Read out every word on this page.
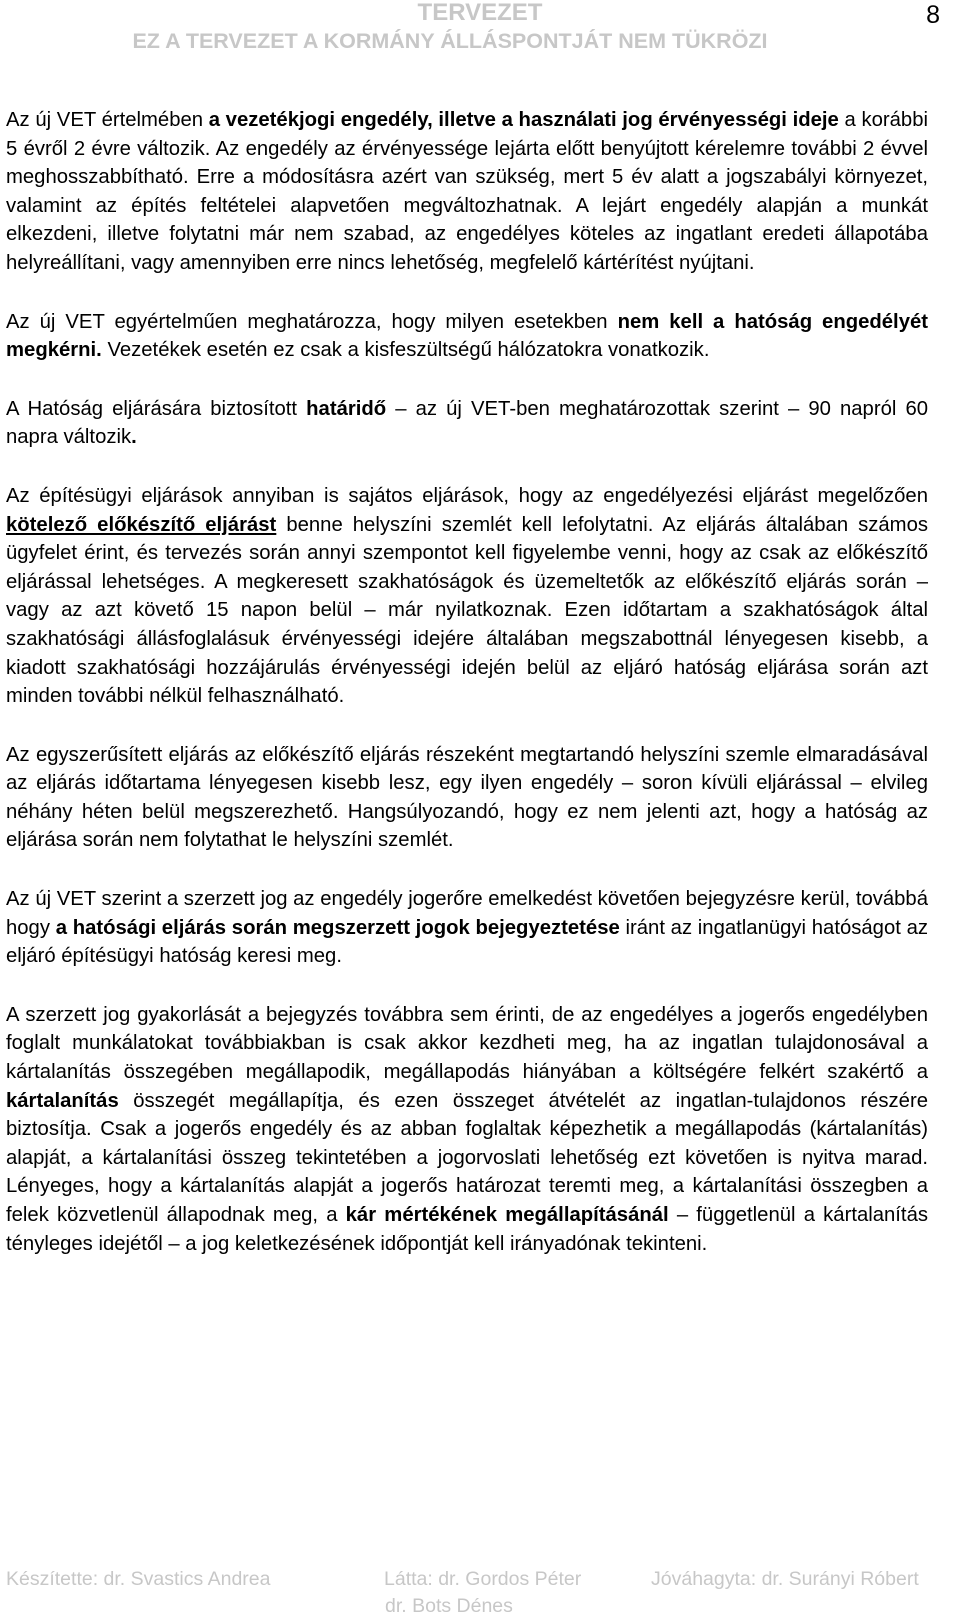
8
TERVEZET
EZ A TERVEZET A KORMÁNY ÁLLÁSPONTJÁT NEM TÜKRÖZI

Az új VET értelmében a vezetékjogi engedély, illetve a használati jog érvényességi ideje a korábbi 5 évről 2 évre változik. Az engedély az érvényessége lejárta előtt benyújtott kérelemre további 2 évvel meghosszabbítható. Erre a módosításra azért van szükség, mert 5 év alatt a jogszabályi környezet, valamint az építés feltételei alapvetően megváltozhatnak. A lejárt engedély alapján a munkát elkezdeni, illetve folytatni már nem szabad, az engedélyes köteles az ingatlant eredeti állapotába helyreállítani, vagy amennyiben erre nincs lehetőség, megfelelő kártérítést nyújtani.

Az új VET egyértelműen meghatározza, hogy milyen esetekben nem kell a hatóság engedélyét megkérni. Vezetékek esetén ez csak a kisfeszültségű hálózatokra vonatkozik.

A Hatóság eljárására biztosított határidő – az új VET-ben meghatározottak szerint – 90 napról 60 napra változik.

Az építésügyi eljárások annyiban is sajátos eljárások, hogy az engedélyezési eljárást megelőzően kötelező előkészítő eljárást benne helyszíni szemlét kell lefolytatni. Az eljárás általában számos ügyfelet érint, és tervezés során annyi szempontot kell figyelembe venni, hogy az csak az előkészítő eljárással lehetséges. A megkeresett szakhatóságok és üzemeltetők az előkészítő eljárás során – vagy az azt követő 15 napon belül – már nyilatkoznak. Ezen időtartam a szakhatóságok által szakhatósági állásfoglalásuk érvényességi idejére általában megszabottnál lényegesen kisebb, a kiadott szakhatósági hozzájárulás érvényességi idején belül az eljáró hatóság eljárása során azt minden további nélkül felhasználható.

Az egyszerűsített eljárás az előkészítő eljárás részeként megtartandó helyszíni szemle elmaradásával az eljárás időtartama lényegesen kisebb lesz, egy ilyen engedély – soron kívüli eljárással – elvileg néhány héten belül megszerezhető. Hangsúlyozandó, hogy ez nem jelenti azt, hogy a hatóság az eljárása során nem folytathat le helyszíni szemlét.

Az új VET szerint a szerzett jog az engedély jogerőre emelkedést követően bejegyzésre kerül, továbbá hogy a hatósági eljárás során megszerzett jogok bejegyeztetése iránt az ingatlanügyi hatóságot az eljáró építésügyi hatóság keresi meg.

A szerzett jog gyakorlását a bejegyzés továbbra sem érinti, de az engedélyes a jogerős engedélyben foglalt munkálatokat továbbiakban is csak akkor kezdheti meg, ha az ingatlan tulajdonosával a kártalanítás összegében megállapodik, megállapodás hiányában a költségére felkért szakértő a kártalanítás összegét megállapítja, és ezen összeget átvételét az ingatlan-tulajdonos részére biztosítja. Csak a jogerős engedély és az abban foglaltak képezhetik a megállapodás (kártalanítás) alapját, a kártalanítási összeg tekintetében a jogorvoslati lehetőség ezt követően is nyitva marad. Lényeges, hogy a kártalanítás alapját a jogerős határozat teremti meg, a kártalanítási összegben a felek közvetlenül állapodnak meg, a kár mértékének megállapításánál – függetlenül a kártalanítás tényleges idejétől – a jog keletkezésének időpontját kell irányadónak tekinteni.

Készítette: dr. Svastics Andrea	Látta: dr. Gordos Péter
dr. Bots Dénes
Jóváhagyta: dr. Surányi Róbert
